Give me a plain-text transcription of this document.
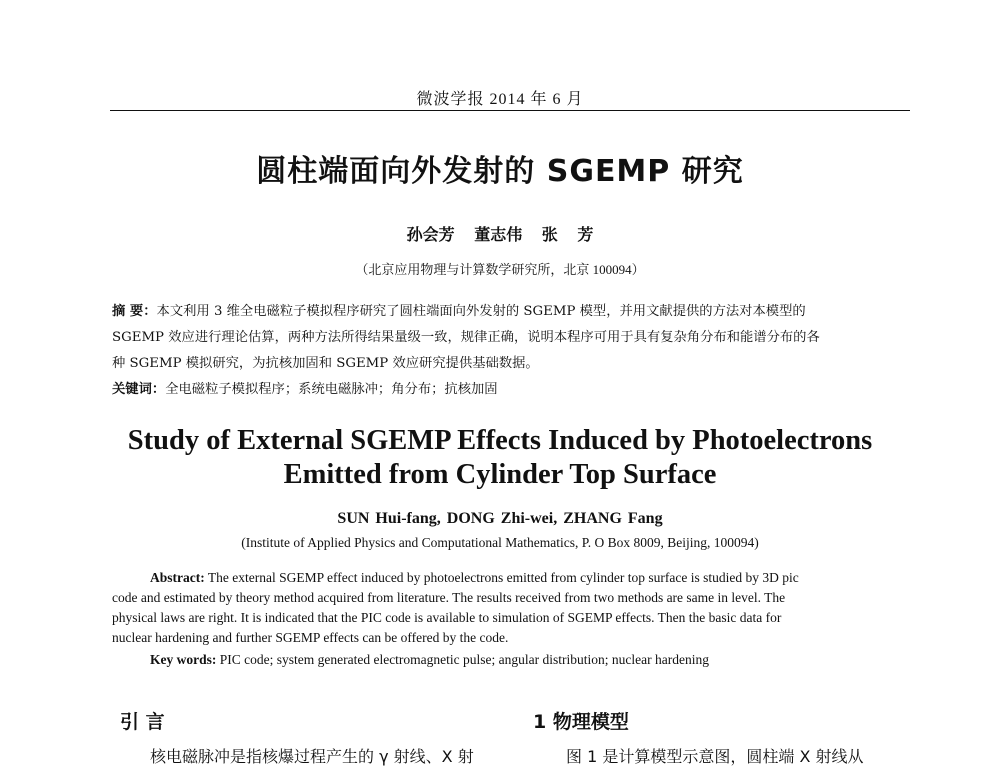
微波学报 2014 年 6 月
圆柱端面向外发射的 SGEMP 研究
孙会芳 董志伟 张 芳
（北京应用物理与计算数学研究所，北京 100094）
摘 要：本文利用 3 维全电磁粒子模拟程序研究了圆柱端面向外发射的 SGEMP 模型，并用文献提供的方法对本模型的
SGEMP 效应进行理论估算，两种方法所得结果量级一致，规律正确，说明本程序可用于具有复杂角分布和能谱分布的各
种 SGEMP 模拟研究，为抗核加固和 SGEMP 效应研究提供基础数据。
关键词：全电磁粒子模拟程序；系统电磁脉冲；角分布；抗核加固
Study of External SGEMP Effects Induced by Photoelectrons
Emitted from Cylinder Top Surface
SUN Hui-fang, DONG Zhi-wei, ZHANG Fang
(Institute of Applied Physics and Computational Mathematics, P. O Box 8009, Beijing, 100094)
Abstract: The external SGEMP effect induced by photoelectrons emitted from cylinder top surface is studied by 3D pic
code and estimated by theory method acquired from literature. The results received from two methods are same in level. The
physical laws are right. It is indicated that the PIC code is available to simulation of SGEMP effects. Then the basic data for
nuclear hardening and further SGEMP effects can be offered by the code.
Key words: PIC code; system generated electromagnetic pulse; angular distribution; nuclear hardening
引 言	1 物理模型
核电磁脉冲是指核爆过程产生的 γ 射线、X 射	图 1 是计算模型示意图，圆柱端 X 射线从
